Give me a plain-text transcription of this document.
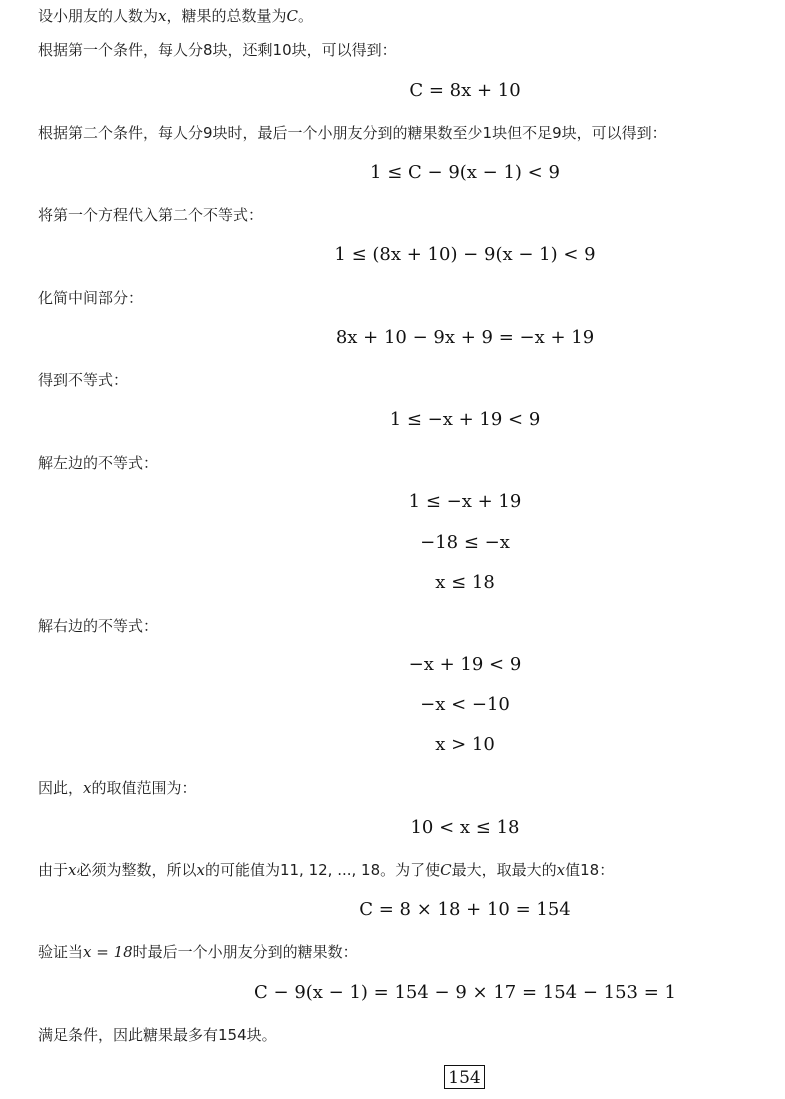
设小朋友的人数为x，糖果的总数量为C。
根据第一个条件，每人分8块，还剩10块，可以得到：
C = 8x + 10
根据第二个条件，每人分9块时，最后一个小朋友分到的糖果数至少1块但不足9块，可以得到：
1 ≤ C − 9(x − 1) < 9
将第一个方程代入第二个不等式：
1 ≤ (8x + 10) − 9(x − 1) < 9
化简中间部分：
8x + 10 − 9x + 9 = −x + 19
得到不等式：
1 ≤ −x + 19 < 9
解左边的不等式：
1 ≤ −x + 19
−18 ≤ −x
x ≤ 18
解右边的不等式：
−x + 19 < 9
−x < −10
x > 10
因此，x的取值范围为：
10 < x ≤ 18
由于x必须为整数，所以x的可能值为11, 12, ..., 18。为了使C最大，取最大的x值18：
C = 8 × 18 + 10 = 154
验证当x = 18时最后一个小朋友分到的糖果数：
C − 9(x − 1) = 154 − 9 × 17 = 154 − 153 = 1
满足条件，因此糖果最多有154块。
154
